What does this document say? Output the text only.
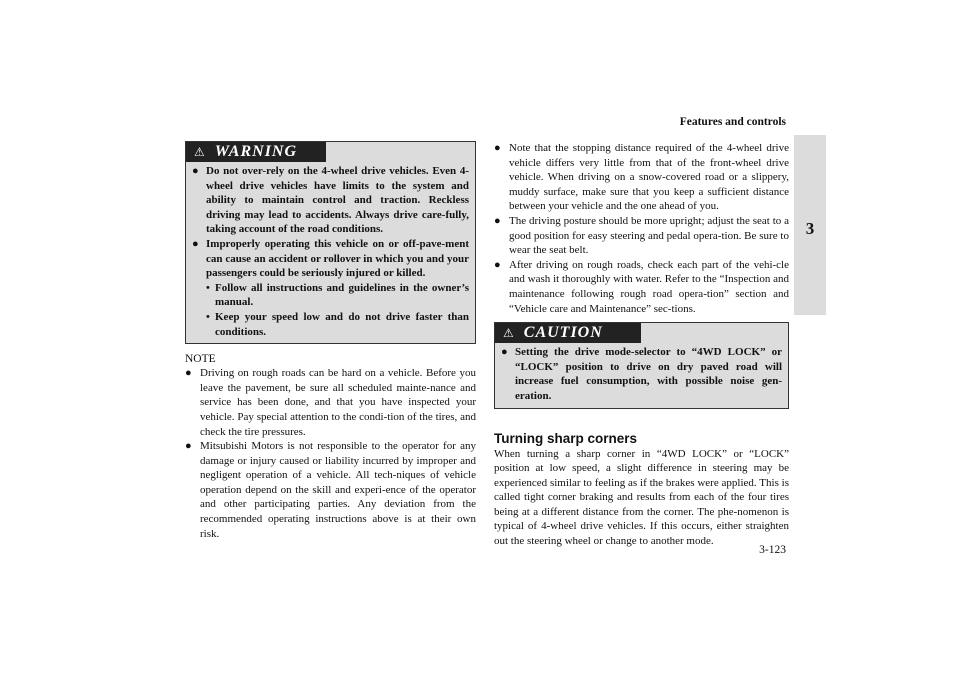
Features and controls
3
⚠ WARNING
● Do not over-rely on the 4-wheel drive vehicles. Even 4-wheel drive vehicles have limits to the system and ability to maintain control and traction. Reckless driving may lead to accidents. Always drive care-fully, taking account of the road conditions.
● Improperly operating this vehicle on or off-pave-ment can cause an accident or rollover in which you and your passengers could be seriously injured or killed.
• Follow all instructions and guidelines in the owner’s manual.
• Keep your speed low and do not drive faster than conditions.
NOTE
● Driving on rough roads can be hard on a vehicle. Before you leave the pavement, be sure all scheduled mainte-nance and service has been done, and that you have inspected your vehicle. Pay special attention to the condi-tion of the tires, and check the tire pressures.
● Mitsubishi Motors is not responsible to the operator for any damage or injury caused or liability incurred by improper and negligent operation of a vehicle. All tech-niques of vehicle operation depend on the skill and experi-ence of the operator and other participating parties. Any deviation from the recommended operating instructions above is at their own risk.
● Note that the stopping distance required of the 4-wheel drive vehicle differs very little from that of the front-wheel drive vehicle. When driving on a snow-covered road or a slippery, muddy surface, make sure that you keep a sufficient distance between your vehicle and the one ahead of you.
● The driving posture should be more upright; adjust the seat to a good position for easy steering and pedal opera-tion. Be sure to wear the seat belt.
● After driving on rough roads, check each part of the vehi-cle and wash it thoroughly with water. Refer to the “Inspection and maintenance following rough road opera-tion” section and “Vehicle care and Maintenance” sec-tions.
⚠ CAUTION
● Setting the drive mode-selector to “4WD LOCK” or “LOCK” position to drive on dry paved road will increase fuel consumption, with possible noise gen-eration.
Turning sharp corners
When turning a sharp corner in “4WD LOCK” or “LOCK” position at low speed, a slight difference in steering may be experienced similar to feeling as if the brakes were applied. This is called tight corner braking and results from each of the four tires being at a different distance from the corner. The phe-nomenon is typical of 4-wheel drive vehicles. If this occurs, either straighten out the steering wheel or change to another mode.
3-123
